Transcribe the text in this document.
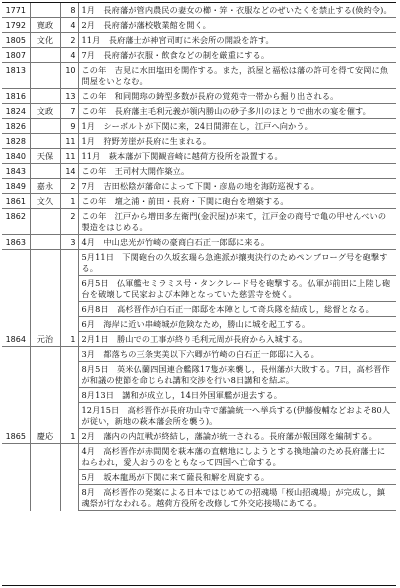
1771		8	1月　長府藩が管内農民の妻女の櫛・笄・衣服などのぜいたくを禁止する(倹約令)。
1792	寛政	4	2月　長府藩が藩校敬業館を開く。
1805	文化	2	11月　長府藩士が神宮司町に米会所の開設を許す。
1807		4	7月　長府藩が衣服・飲食などの制を厳重にする。
1813		10	この年　吉見に水田塩田を開作する。また，浜屋と福松は藩の許可を得て安岡に魚問屋をいとなむ。
1816		13	この年　和同開珎の鋳型多数が長府の覚苑寺一帯から掘り出される。
1824	文政	7	この年　長府藩主毛利元義が領内勝山の砂子多川のほとりで曲水の宴を催す。
1826		9	1月　シーボルトが下関に来，24日間滞在し，江戸へ向かう。
1828		11	1月　狩野芳崖が長府に生まれる。
1840	天保	11	11月　萩本藩が下関観音崎に越荷方役所を設置する。
1843		14	この年　王司村大開作築立。
1849	嘉永	2	7月　吉田松陰が藩命によって下関・彦島の地を海防巡視する。
1861	文久	1	この年　壇之浦・前田・長府・下関に砲台を増築する。
1862		2	この年　江戸から増田多左衛門(金沢屋)が来て，江戸金の商号で亀の甲せんべいの製造をはじめる。
1863		3	4月　中山忠光が竹崎の豪商白石正一郎邸に来る。
			5月11日　下関砲台の久坂玄瑞ら急進派が攘夷決行のためペンブローグ号を砲撃する。
			6月5日　仏軍艦セミラミス号・タンクレード号を砲撃する。仏軍が前田に上陸し砲台を破壊して民家および本陣となっていた慈雲寺を焼く。
			6月8日　高杉晋作が白石正一郎邸を本陣として奇兵隊を結成し，総督となる。
			6月　海岸に近い串崎城が危険なため，勝山に城を起工する。
1864	元治	1	2月1日　勝山での工事が終り毛利元周が長府から入城する。
			3月　都落ちの三条実美以下六卿が竹崎の白石正一郎邸に入る。
			8月5日　英米仏蘭四国連合艦隊17隻が来襲し，長州藩が大敗する。7日，高杉晋作が和議の使節を命じられ講和交渉を行い8日講和を結ぶ。
			8月13日　講和が成立し，14日外国軍艦が退去する。
			12月15日　高杉晋作が長府功山寺で藩論統一へ挙兵する(伊藤俊輔などおよそ80人が従い，新地の萩本藩会所を襲う)。
1865	慶応	1	2月　藩内の内訌戦が終結し，藩論が統一される。長府藩が報国隊を編制する。
			4月　高杉晋作が赤間関を萩本藩の直轄地にしようとする換地論のため長府藩士にねらわれ，愛人おうのをともなって四国へ亡命する。
			5月　坂本龍馬が下関に来て薩長和解を周旋する。
			8月　高杉晋作の発案による日本ではじめての招魂場「桜山招魂場」が完成し，鎮魂祭が行なわれる。越荷方役所を改修して外交応接場にあてる。
